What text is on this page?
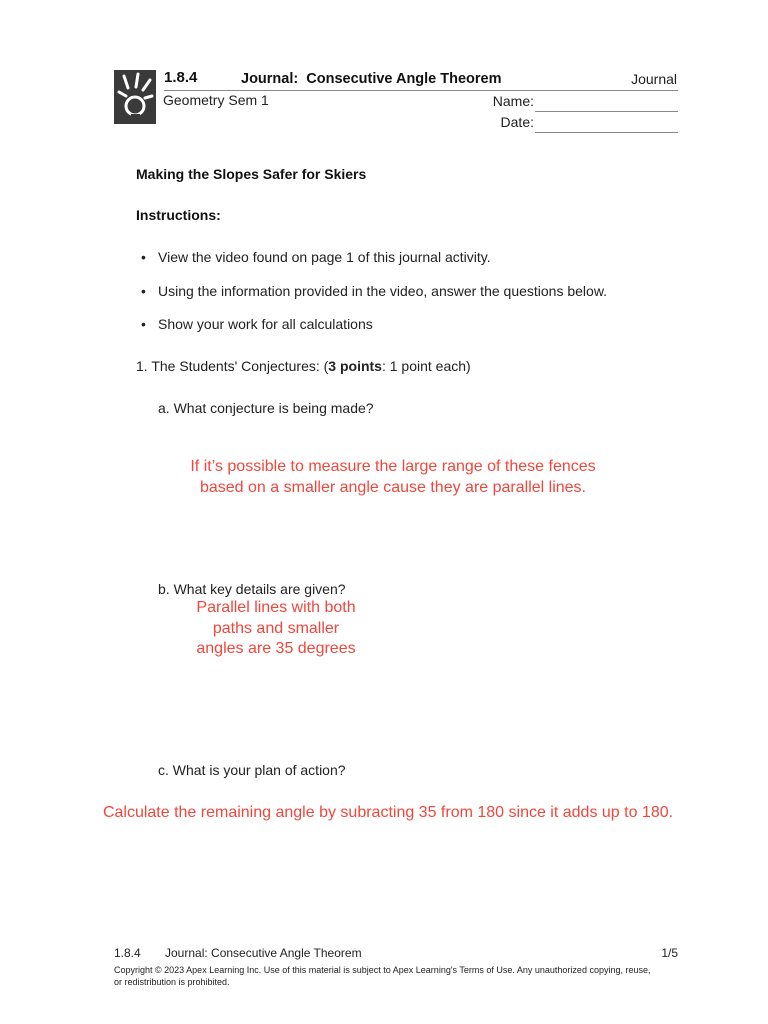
1.8.4	Journal:  Consecutive Angle Theorem	Journal
Geometry Sem 1	Name:
Date:
Making the Slopes Safer for Skiers
Instructions:
• View the video found on page 1 of this journal activity.
• Using the information provided in the video, answer the questions below.
• Show your work for all calculations
1. The Students' Conjectures: (3 points: 1 point each)
a. What conjecture is being made?
If it’s possible to measure the large range of these fences based on a smaller angle cause they are parallel lines.
b. What key details are given?
Parallel lines with both paths and smaller angles are 35 degrees
c. What is your plan of action?
Calculate the remaining angle by subracting 35 from 180 since it adds up to 180.
1.8.4 Journal: Consecutive Angle Theorem	1/5
Copyright © 2023 Apex Learning Inc. Use of this material is subject to Apex Learning's Terms of Use. Any unauthorized copying, reuse, or redistribution is prohibited.
